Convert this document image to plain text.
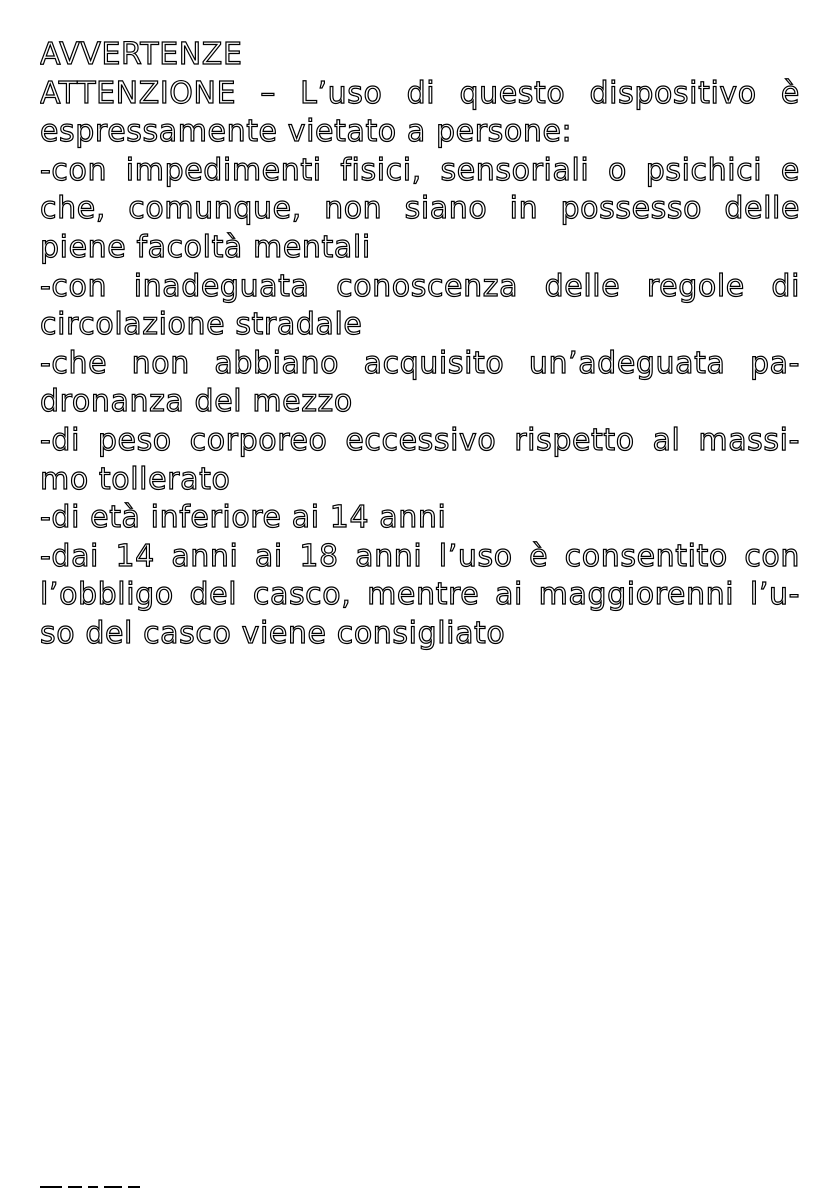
AVVERTENZE
ATTENZIONE – L’uso di questo dispositivo è
espressamente vietato a persone:
-con impedimenti fisici, sensoriali o psichici e
che, comunque, non siano in possesso delle
piene facoltà mentali
-con inadeguata conoscenza delle regole di
circolazione stradale
-che non abbiano acquisito un’adeguata pa-
dronanza del mezzo
-di peso corporeo eccessivo rispetto al massi-
mo tollerato
-di età inferiore ai 14 anni
-dai 14 anni ai 18 anni l’uso è consentito con
l’obbligo del casco, mentre ai maggiorenni l’u-
so del casco viene consigliato
